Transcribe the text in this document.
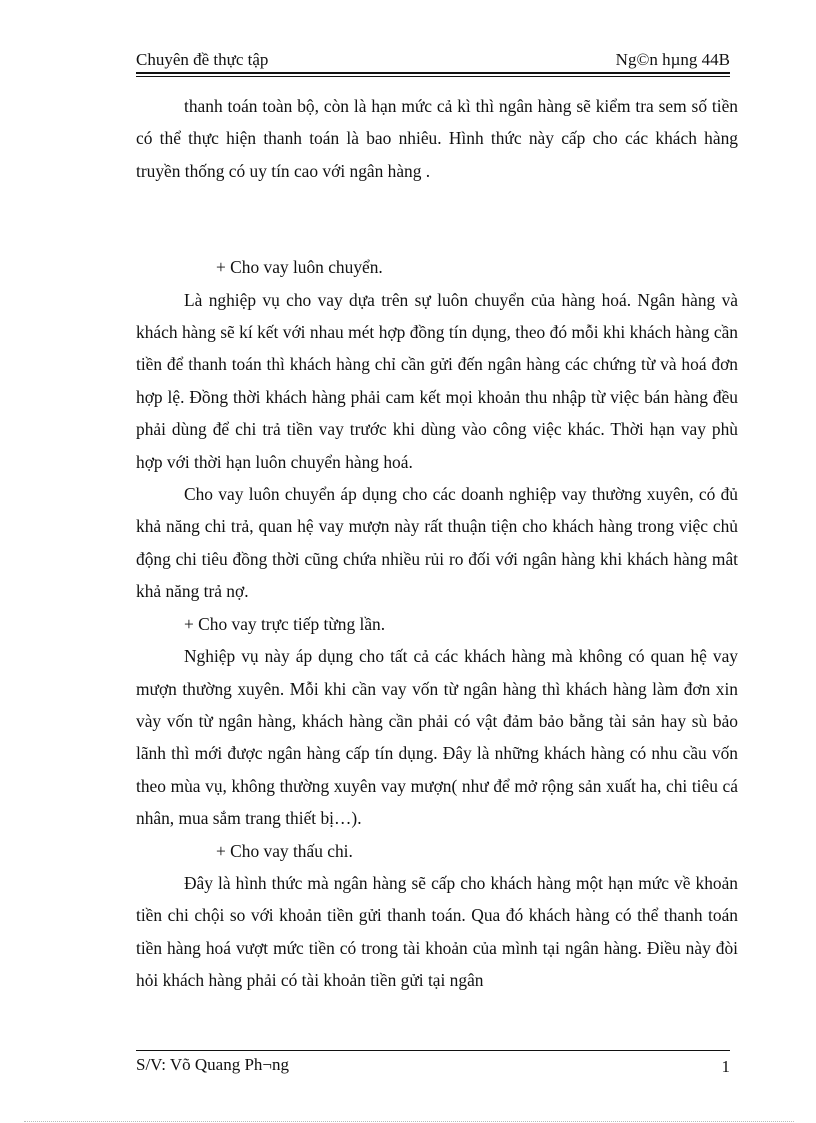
Chuyên đề thực tập	Ng©n hµng 44B

thanh toán toàn bộ, còn là hạn mức cả kì thì ngân hàng sẽ kiểm tra sem số tiền có thể thực hiện thanh toán là bao nhiêu. Hình thức này cấp cho các khách hàng truyền thống có uy tín cao với ngân hàng .

+ Cho vay luôn chuyển.

Là nghiệp vụ cho vay dựa trên sự luôn chuyển của hàng hoá. Ngân hàng và khách hàng sẽ kí kết với nhau mét hợp đồng tín dụng, theo đó mỗi khi khách hàng cần tiền để thanh toán thì khách hàng chỉ cần gửi đến ngân hàng các chứng từ và hoá đơn hợp lệ. Đồng thời khách hàng phải cam kết mọi khoản thu nhập từ việc bán hàng đều phải dùng để chi trả tiền vay trước khi dùng vào công việc khác. Thời hạn vay phù hợp với thời hạn luôn chuyển hàng hoá.

Cho vay luôn chuyển áp dụng cho các doanh nghiệp vay thường xuyên, có đủ khả năng chi trả, quan hệ vay mượn này rất thuận tiện cho khách hàng trong việc chủ động chi tiêu đồng thời cũng chứa nhiều rủi ro đối với ngân hàng khi khách hàng mât khả năng trả nợ.

+ Cho vay trực tiếp từng lần.

Nghiệp vụ này áp dụng cho tất cả các khách hàng mà không có quan hệ vay mượn thường xuyên. Mỗi khi cần vay vốn từ ngân hàng thì khách hàng làm đơn xin vày vốn từ ngân hàng, khách hàng cần phải có vật đảm bảo bằng tài sản hay sù bảo lãnh thì mới được ngân hàng cấp tín dụng. Đây là những khách hàng có nhu cầu vốn theo mùa vụ, không thường xuyên vay mượn( như để mở rộng sản xuất ha, chi tiêu cá nhân, mua sắm trang thiết bị…).

+ Cho vay thấu chi.

Đây là hình thức mà ngân hàng sẽ cấp cho khách hàng một hạn mức về khoản tiền chi chội so với khoản tiền gửi thanh toán. Qua đó khách hàng có thể thanh toán tiền hàng hoá vượt mức tiền có trong tài khoản của mình tại ngân hàng. Điều này đòi hỏi khách hàng phải có tài khoản tiền gửi tại ngân

S/V: Võ Quang Ph¬ng	1
